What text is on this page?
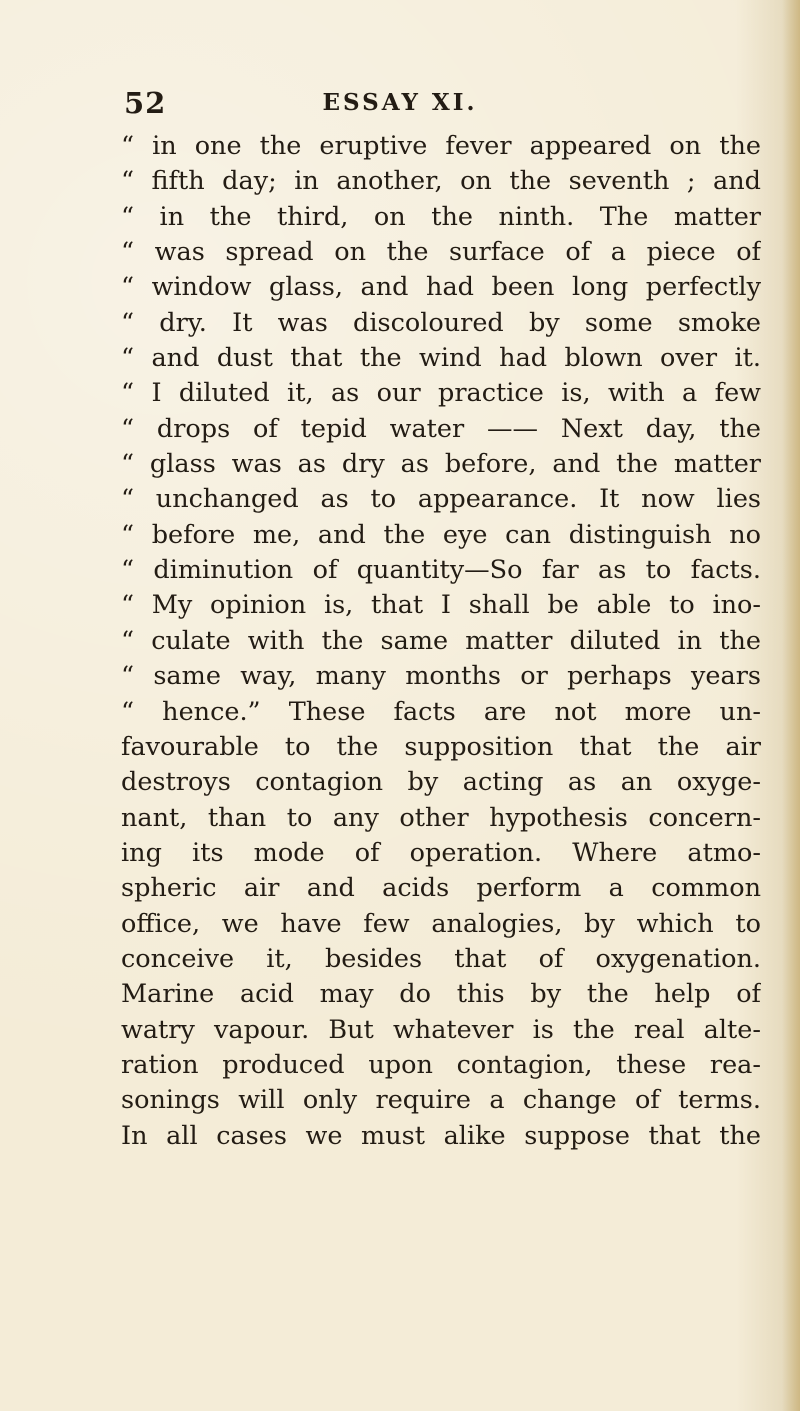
52	ESSAY XI.
“ in one the eruptive fever appeared on the
“ fifth day; in another, on the seventh ; and
“ in the third, on the ninth. The matter
“ was spread on the surface of a piece of
“ window glass, and had been long perfectly
“ dry. It was discoloured by some smoke
“ and dust that the wind had blown over it.
“ I diluted it, as our practice is, with a few
“ drops of tepid water —— Next day, the
“ glass was as dry as before, and the matter
“ unchanged as to appearance. It now lies
“ before me, and the eye can distinguish no
“ diminution of quantity—So far as to facts.
“ My opinion is, that I shall be able to ino-
“ culate with the same matter diluted in the
“ same way, many months or perhaps years
“ hence.” These facts are not more un-
favourable to the supposition that the air
destroys contagion by acting as an oxyge-
nant, than to any other hypothesis concern-
ing its mode of operation. Where atmo-
spheric air and acids perform a common
office, we have few analogies, by which to
conceive it, besides that of oxygenation.
Marine acid may do this by the help of
watry vapour. But whatever is the real alte-
ration produced upon contagion, these rea-
sonings will only require a change of terms.
In all cases we must alike suppose that the
